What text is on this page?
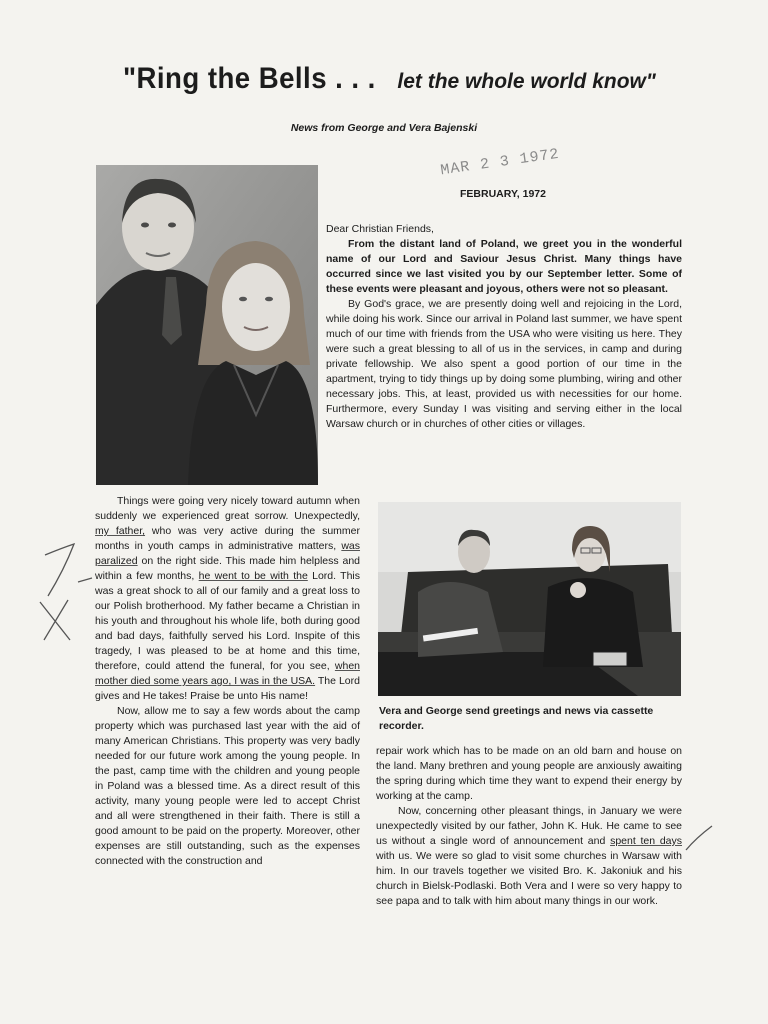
"Ring the Bells . . . let the whole world know"
News from George and Vera Bajenski
MAR 2 3 1972
FEBRUARY, 1972

Dear Christian Friends,

From the distant land of Poland, we greet you in the wonderful name of our Lord and Saviour Jesus Christ. Many things have occurred since we last visited you by our September letter. Some of these events were pleasant and joyous, others were not so pleasant.

By God's grace, we are presently doing well and rejoicing in the Lord, while doing his work. Since our arrival in Poland last summer, we have spent much of our time with friends from the USA who were visiting us here. They were such a great blessing to all of us in the services, in camp and during private fellowship. We also spent a good portion of our time in the apartment, trying to tidy things up by doing some plumbing, wiring and other necessary jobs. This, at least, provided us with necessities for our home. Furthermore, every Sunday I was visiting and serving either in the local Warsaw church or in churches of other cities or villages.

Things were going very nicely toward autumn when suddenly we experienced great sorrow. Unexpectedly, my father, who was very active during the summer months in youth camps in administrative matters, was paralized on the right side. This made him helpless and within a few months, he went to be with the Lord. This was a great shock to all of our family and a great loss to our Polish brotherhood. My father became a Christian in his youth and throughout his whole life, both during good and bad days, faithfully served his Lord. Inspite of this tragedy, I was pleased to be at home and this time, therefore, could attend the funeral, for you see, when mother died some years ago, I was in the USA. The Lord gives and He takes! Praise be unto His name!

Now, allow me to say a few words about the camp property which was purchased last year with the aid of many American Christians. This property was very badly needed for our future work among the young people. In the past, camp time with the children and young people in Poland was a blessed time. As a direct result of this activity, many young people were led to accept Christ and all were strengthened in their faith. There is still a good amount to be paid on the property. Moreover, other expenses are still outstanding, such as the expenses connected with the construction and

Vera and George send greetings and news via cassette recorder.

repair work which has to be made on an old barn and house on the land. Many brethren and young people are anxiously awaiting the spring during which time they want to expend their energy by working at the camp.

Now, concerning other pleasant things, in January we were unexpectedly visited by our father, John K. Huk. He came to see us without a single word of announcement and spent ten days with us. We were so glad to visit some churches in Warsaw with him. In our travels together we visited Bro. K. Jakoniuk and his church in Bielsk-Podlaski. Both Vera and I were so very happy to see papa and to talk with him about many things in our work.
